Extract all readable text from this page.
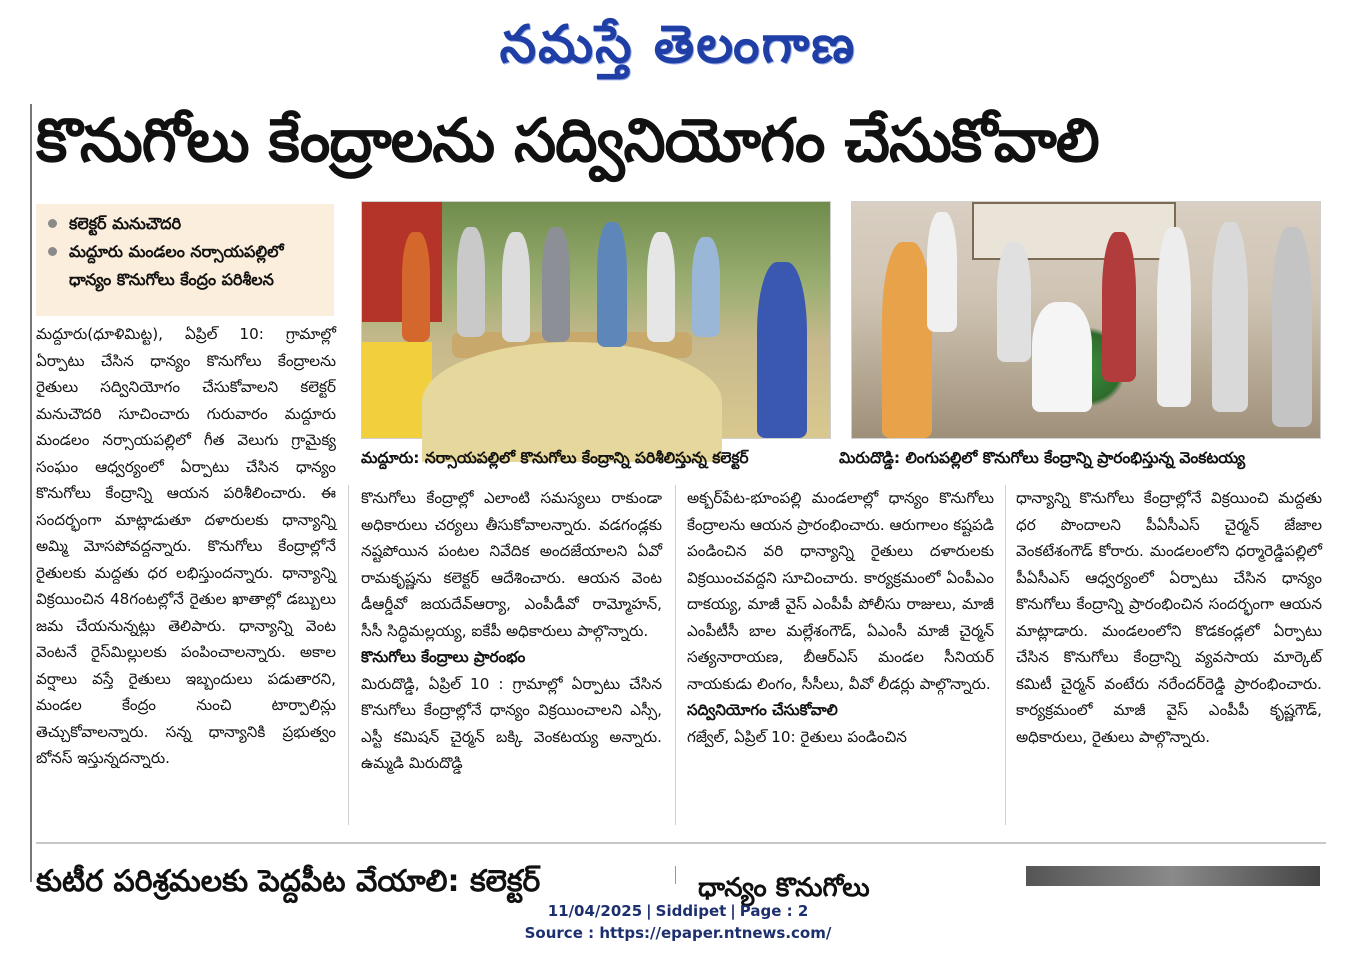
నమస్తే తెలంగాణ
కొనుగోలు కేంద్రాలను సద్వినియోగం చేసుకోవాలి
కలెక్టర్ మనుచౌదరి
మద్దూరు మండలం నర్సాయపల్లిలో ధాన్యం కొనుగోలు కేంద్రం పరిశీలన
మద్దూరు: నర్సాయపల్లిలో కొనుగోలు కేంద్రాన్ని పరిశీలిస్తున్న కలెక్టర్	మిరుదొడ్డి: లింగుపల్లిలో కొనుగోలు కేంద్రాన్ని ప్రారంభిస్తున్న వెంకటయ్య

మద్దూరు(ధూళిమిట్ట), ఏప్రిల్ 10: గ్రామాల్లో ఏర్పాటు చేసిన ధాన్యం కొనుగోలు కేంద్రాలను రైతులు సద్వినియోగం చేసుకోవాలని కలెక్టర్ మనుచౌదరి సూచించారు గురువారం మద్దూరు మండలం నర్సాయపల్లిలో గీత వెలుగు గ్రామైక్య సంఘం ఆధ్వర్యంలో ఏర్పాటు చేసిన ధాన్యం కొనుగోలు కేంద్రాన్ని ఆయన పరిశీలించారు. ఈ సందర్భంగా మాట్లాడుతూ దళారులకు ధాన్యాన్ని అమ్మి మోసపోవద్దన్నారు. కొనుగోలు కేంద్రాల్లోనే రైతులకు మద్దతు ధర లభిస్తుందన్నారు. ధాన్యాన్ని విక్రయించిన 48గంటల్లోనే రైతుల ఖాతాల్లో డబ్బులు జమ చేయనున్నట్లు తెలిపారు. ధాన్యాన్ని వెంట వెంటనే రైస్‌మిల్లులకు పంపించాలన్నారు. అకాల వర్షాలు వస్తే రైతులు ఇబ్బందులు పడుతారని, మండల కేంద్రం నుంచి టార్పాలిన్లు తెచ్చుకోవాలన్నారు. సన్న ధాన్యానికి ప్రభుత్వం బోనస్ ఇస్తున్నదన్నారు.

కొనుగోలు కేంద్రాల్లో ఎలాంటి సమస్యలు రాకుండా అధికారులు చర్యలు తీసుకోవాలన్నారు. వడగండ్లకు నష్టపోయిన పంటల నివేదిక అందజేయాలని ఏవో రామకృష్ణను కలెక్టర్ ఆదేశించారు. ఆయన వెంట డీఆర్డీవో జయదేవ్ఆర్యా, ఎంపీడీవో రామ్మోహన్, సీసీ సిద్ధిమల్లయ్య, ఐకేపీ అధికారులు పాల్గొన్నారు.

కొనుగోలు కేంద్రాలు ప్రారంభం

మిరుదొడ్డి, ఏప్రిల్ 10 : గ్రామాల్లో ఏర్పాటు చేసిన కొనుగోలు కేంద్రాల్లోనే ధాన్యం విక్రయించాలని ఎస్సీ, ఎస్టీ కమిషన్ చైర్మన్ బక్కి వెంకటయ్య అన్నారు. ఉమ్మడి మిరుదొడ్డి

అక్బర్‌పేట-భూంపల్లి మండలాల్లో ధాన్యం కొనుగోలు కేంద్రాలను ఆయన ప్రారంభించారు. ఆరుగాలం కష్టపడి పండించిన వరి ధాన్యాన్ని రైతులు దళారులకు విక్రయించవద్దని సూచించారు. కార్యక్రమంలో ఏంపీఎం దాకయ్య, మాజీ వైస్ ఎంపీపీ పోలీసు రాజులు, మాజీ ఎంపీటీసీ బాల మల్లేశంగౌడ్, ఏఎంసీ మాజీ చైర్మన్ సత్యనారాయణ, బీఆర్ఎస్ మండల సీనియర్ నాయకుడు లింగం, సీసీలు, వీవో లీడర్లు పాల్గొన్నారు.

సద్వినియోగం చేసుకోవాలి

గజ్వేల్, ఏప్రిల్ 10: రైతులు పండించిన

ధాన్యాన్ని కొనుగోలు కేంద్రాల్లోనే విక్రయించి మద్దతు ధర పొందాలని పీఏసీఎస్ చైర్మన్ జేజాల వెంకటేశంగౌడ్ కోరారు. మండలంలోని ధర్మారెడ్డిపల్లిలో పీఏసీఎస్ ఆధ్వర్యంలో ఏర్పాటు చేసిన ధాన్యం కొనుగోలు కేంద్రాన్ని ప్రారంభించిన సందర్భంగా ఆయన మాట్లాడారు. మండలంలోని కొడకండ్లలో ఏర్పాటు చేసిన కొనుగోలు కేంద్రాన్ని వ్యవసాయ మార్కెట్ కమిటీ చైర్మన్ వంటేరు నరేందర్‌రెడ్డి ప్రారంభించారు. కార్యక్రమంలో మాజీ వైస్ ఎంపీపీ కృష్ణగౌడ్, అధికారులు, రైతులు పాల్గొన్నారు.

కుటీర పరిశ్రమలకు పెద్దపీట వేయాలి: కలెక్టర్	ధాన్యం కొనుగోలు
11/04/2025 | Siddipet | Page : 2
Source : https://epaper.ntnews.com/
